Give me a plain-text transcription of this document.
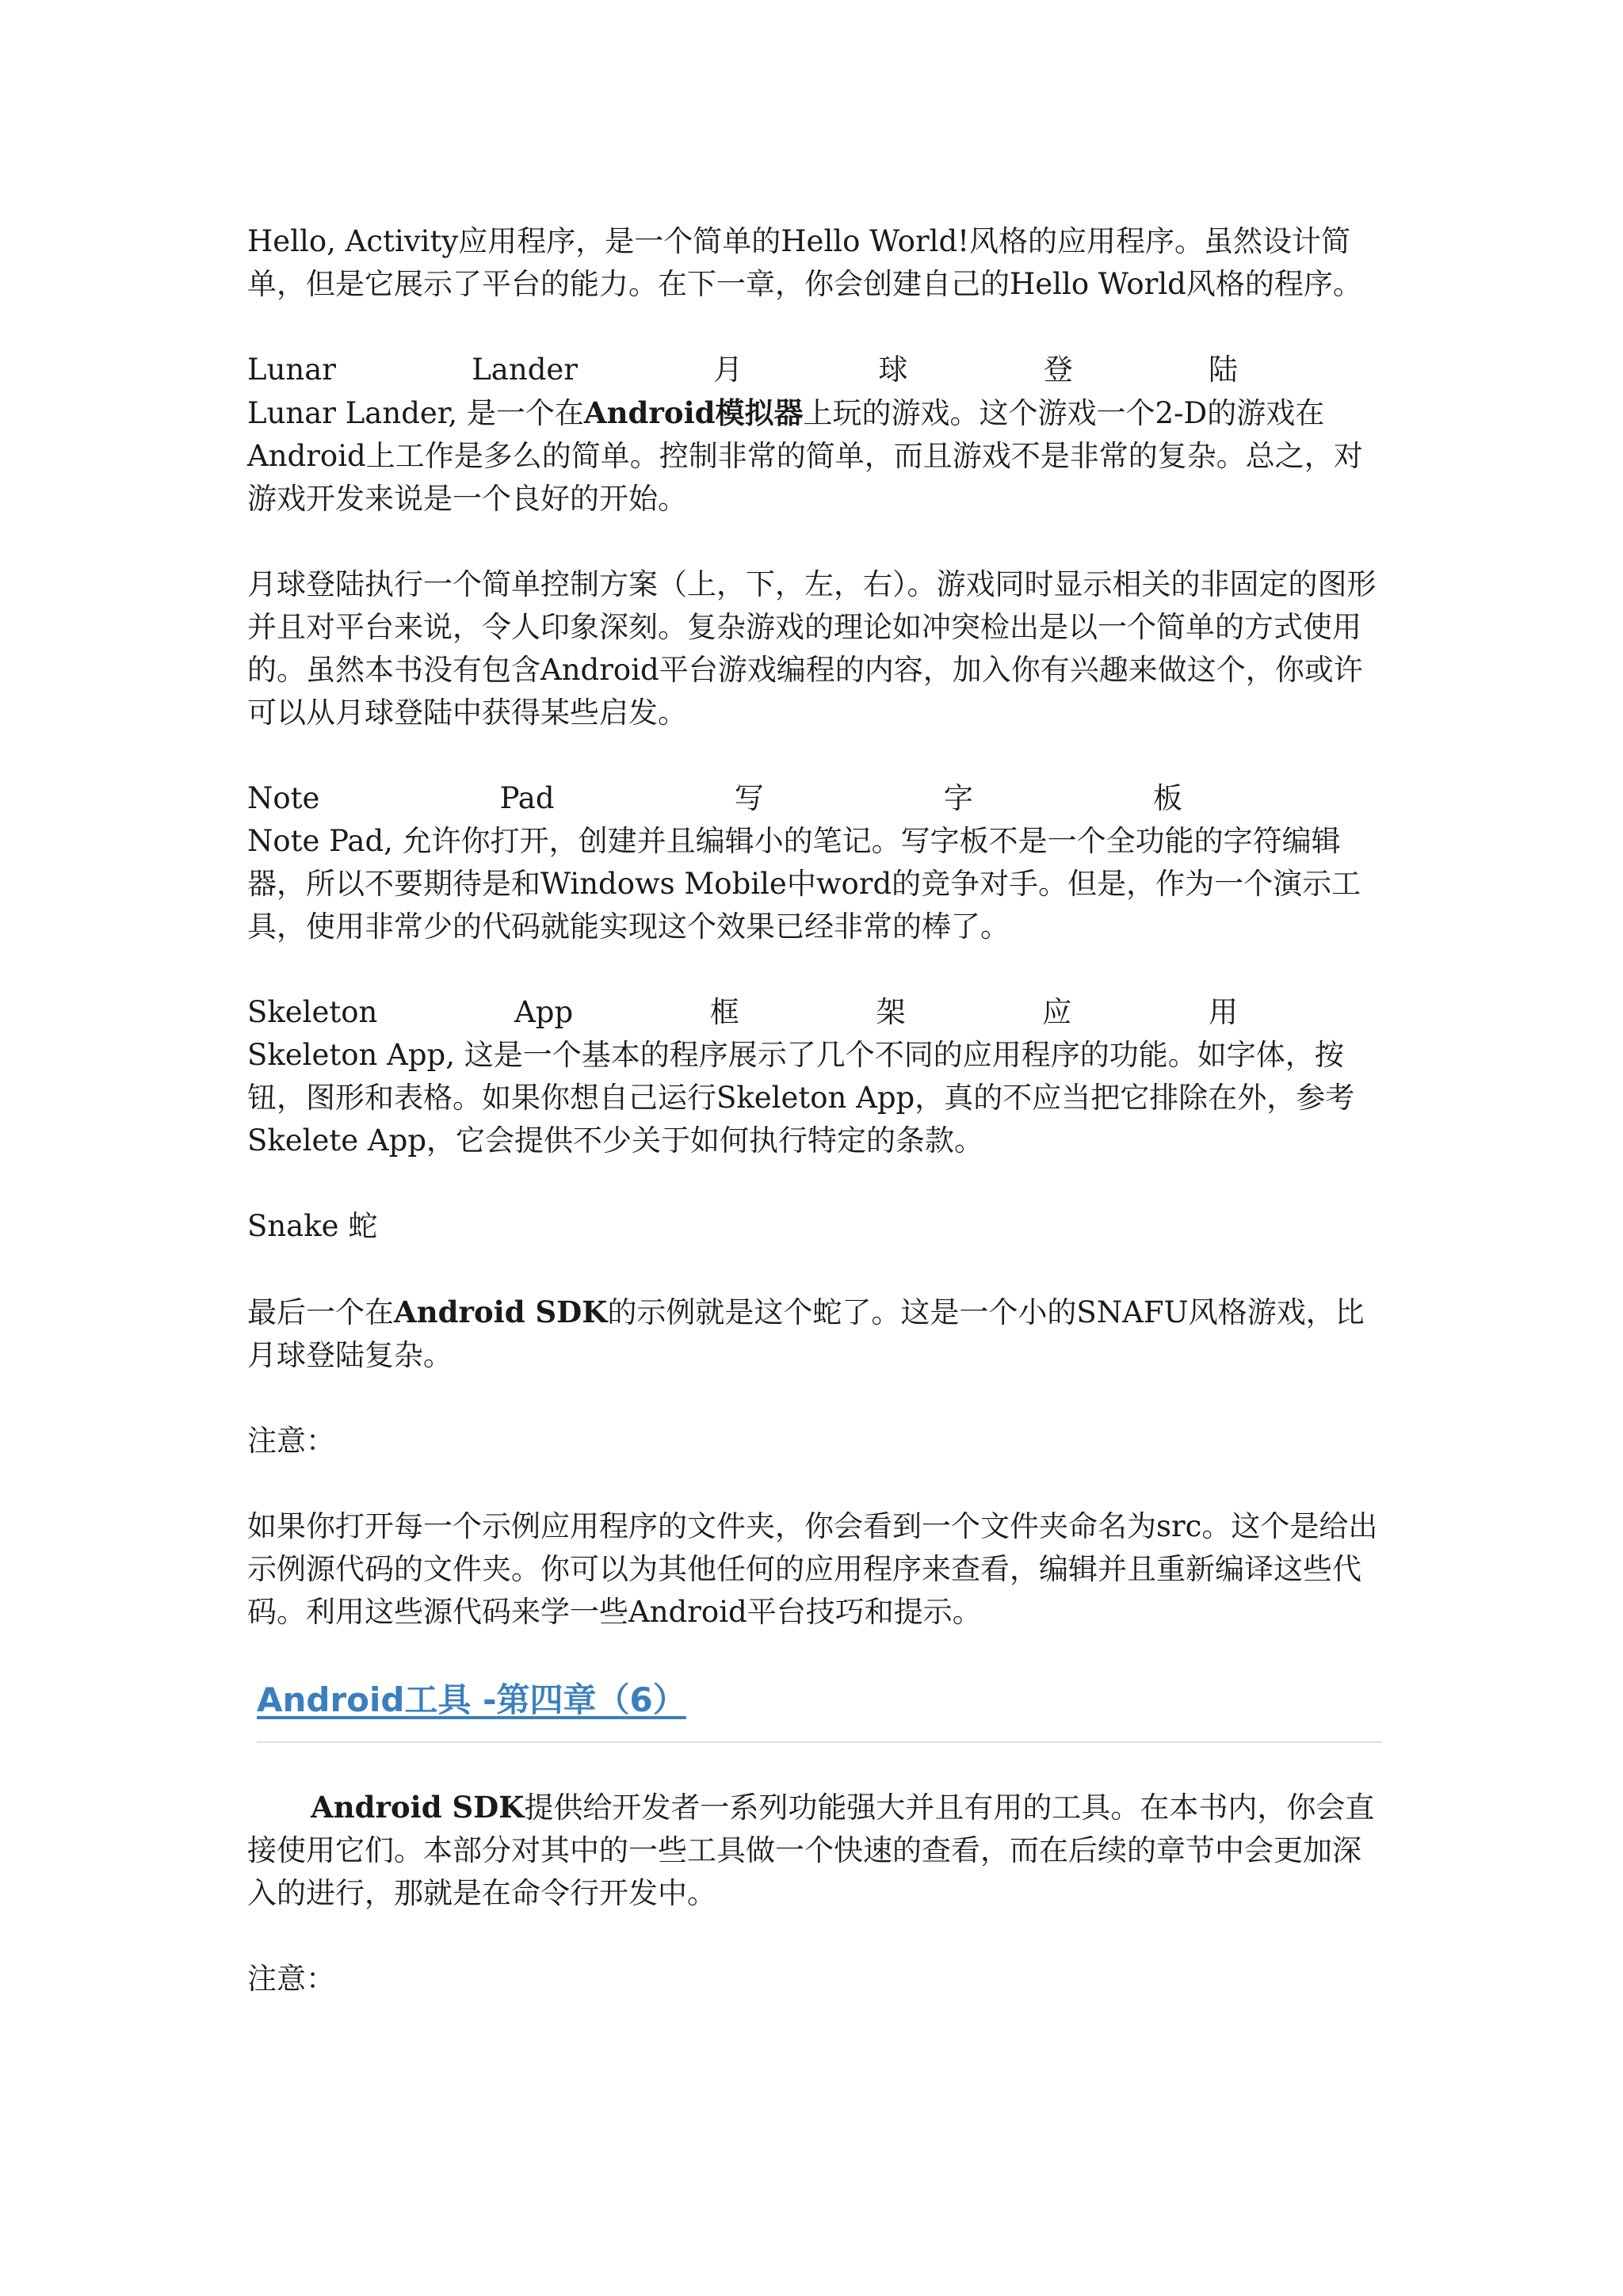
Hello, Activity应用程序，是一个简单的Hello World!风格的应用程序。虽然设计简单，但是它展示了平台的能力。在下一章，你会创建自己的Hello World风格的程序。

Lunar	Lander	月	球	登	陆

Lunar Lander, 是一个在Android模拟器上玩的游戏。这个游戏一个2-D的游戏在Android上工作是多么的简单。控制非常的简单，而且游戏不是非常的复杂。总之，对游戏开发来说是一个良好的开始。

月球登陆执行一个简单控制方案（上，下，左，右）。游戏同时显示相关的非固定的图形并且对平台来说，令人印象深刻。复杂游戏的理论如冲突检出是以一个简单的方式使用的。虽然本书没有包含Android平台游戏编程的内容，加入你有兴趣来做这个，你或许可以从月球登陆中获得某些启发。

Note	Pad	写	字	板

Note Pad, 允许你打开，创建并且编辑小的笔记。写字板不是一个全功能的字符编辑器，所以不要期待是和Windows Mobile中word的竞争对手。但是，作为一个演示工具，使用非常少的代码就能实现这个效果已经非常的棒了。

Skeleton	App	框	架	应	用

Skeleton App, 这是一个基本的程序展示了几个不同的应用程序的功能。如字体，按钮，图形和表格。如果你想自己运行Skeleton App，真的不应当把它排除在外，参考Skelete App，它会提供不少关于如何执行特定的条款。

Snake 蛇

最后一个在Android SDK的示例就是这个蛇了。这是一个小的SNAFU风格游戏，比月球登陆复杂。

注意：

如果你打开每一个示例应用程序的文件夹，你会看到一个文件夹命名为src。这个是给出示例源代码的文件夹。你可以为其他任何的应用程序来查看，编辑并且重新编译这些代码。利用这些源代码来学一些Android平台技巧和提示。

Android工具 -第四章（6）

Android SDK提供给开发者一系列功能强大并且有用的工具。在本书内，你会直接使用它们。本部分对其中的一些工具做一个快速的查看，而在后续的章节中会更加深入的进行，那就是在命令行开发中。

注意：
